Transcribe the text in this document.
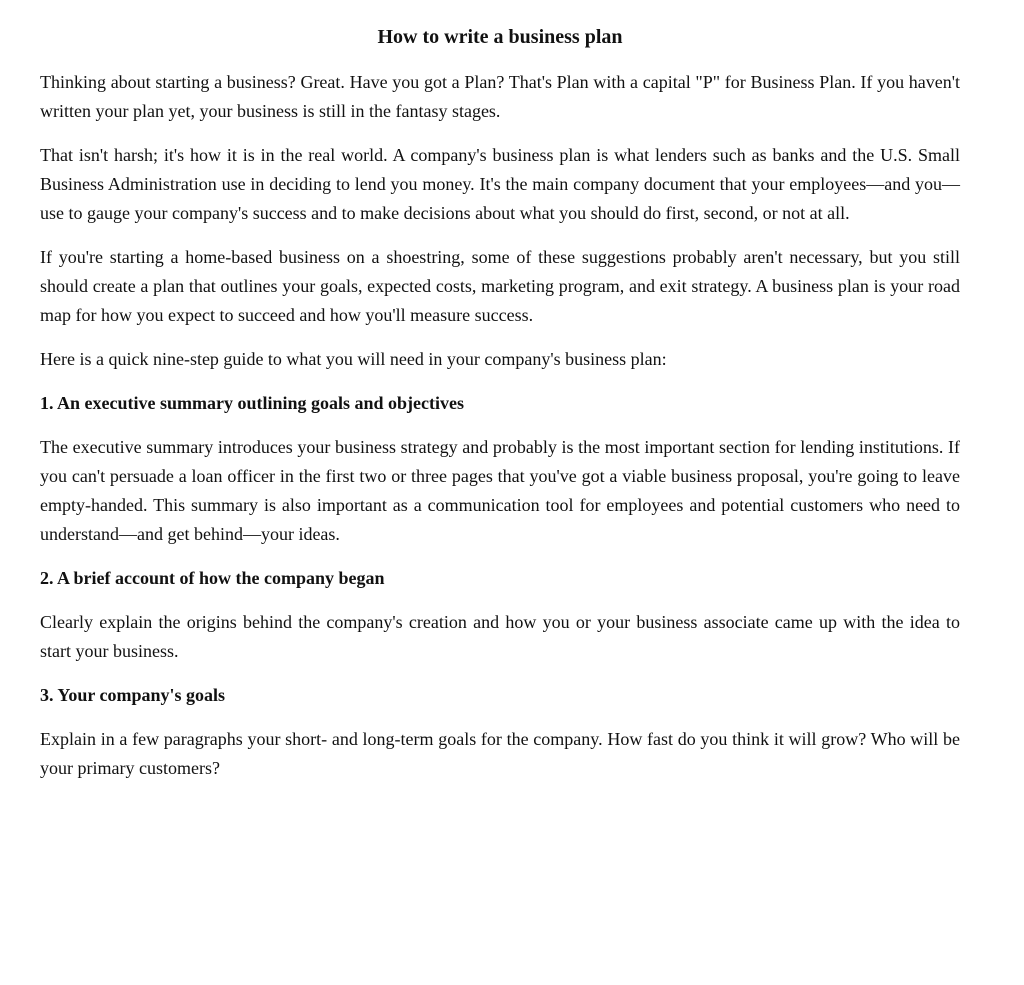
How to write a business plan

Thinking about starting a business? Great. Have you got a Plan? That's Plan with a capital "P" for Business Plan. If you haven't written your plan yet, your business is still in the fantasy stages.

That isn't harsh; it's how it is in the real world. A company's business plan is what lenders such as banks and the U.S. Small Business Administration use in deciding to lend you money. It's the main company document that your employees—and you—use to gauge your company's success and to make decisions about what you should do first, second, or not at all.

If you're starting a home-based business on a shoestring, some of these suggestions probably aren't necessary, but you still should create a plan that outlines your goals, expected costs, marketing program, and exit strategy. A business plan is your road map for how you expect to succeed and how you'll measure success.

Here is a quick nine-step guide to what you will need in your company's business plan:

1. An executive summary outlining goals and objectives

The executive summary introduces your business strategy and probably is the most important section for lending institutions. If you can't persuade a loan officer in the first two or three pages that you've got a viable business proposal, you're going to leave empty-handed. This summary is also important as a communication tool for employees and potential customers who need to understand—and get behind—your ideas.

2. A brief account of how the company began

Clearly explain the origins behind the company's creation and how you or your business associate came up with the idea to start your business.

3. Your company's goals

Explain in a few paragraphs your short- and long-term goals for the company. How fast do you think it will grow? Who will be your primary customers?
